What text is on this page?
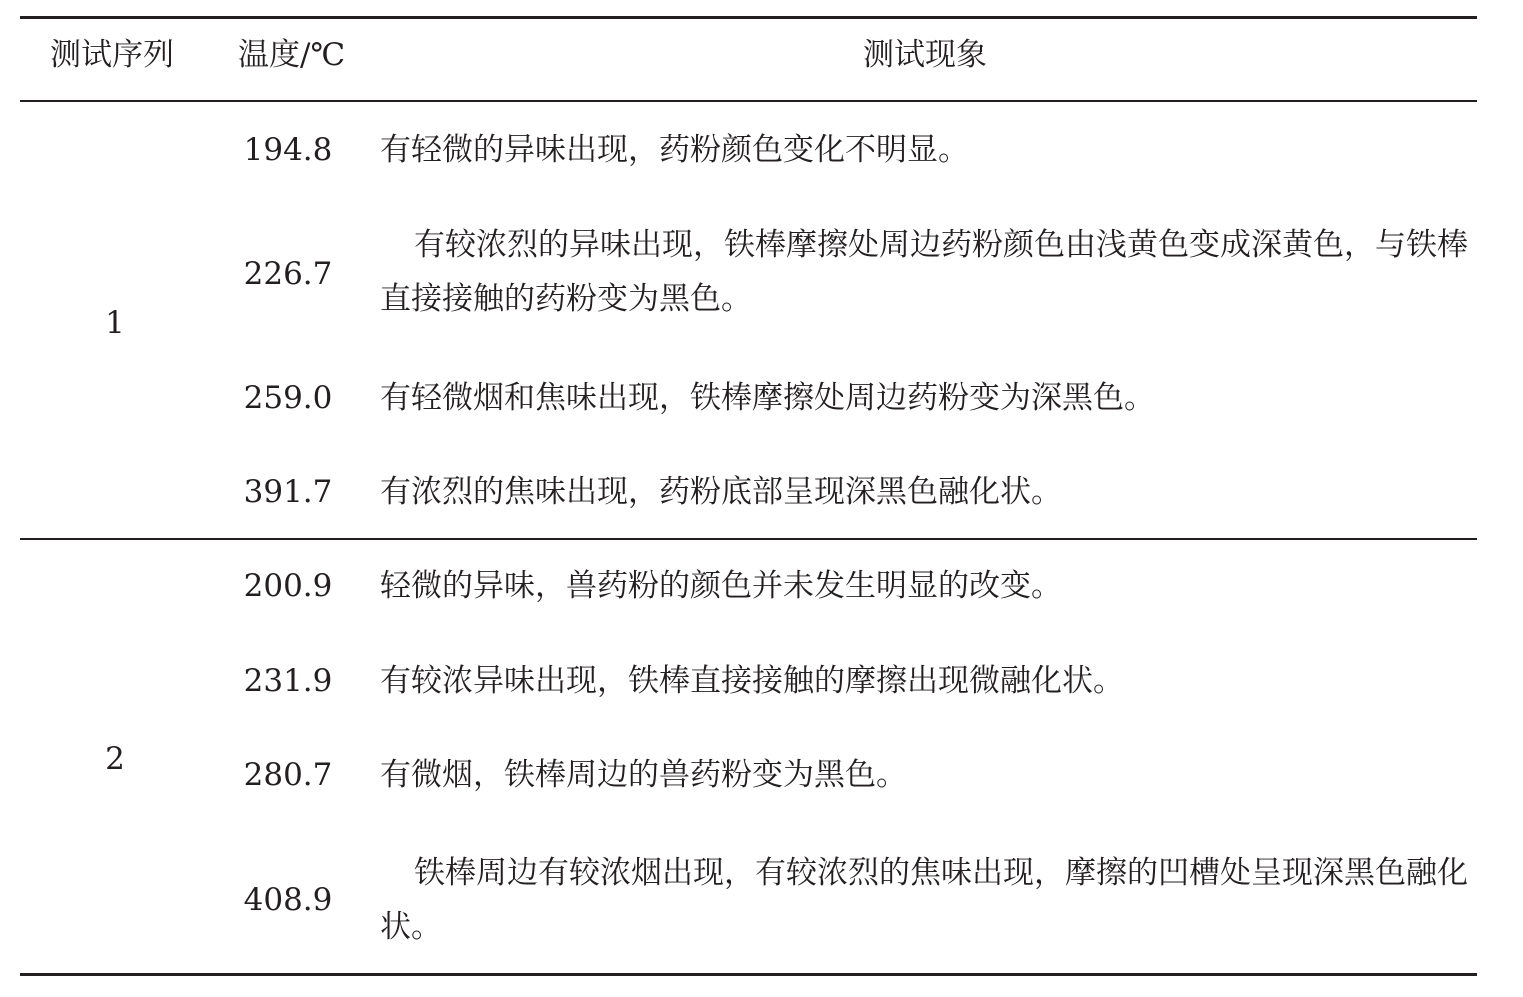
测试序列 温度/℃	测试现象
1
194.8 有轻微的异味出现，药粉颜色变化不明显。
226.7
有较浓烈的异味出现，铁棒摩擦处周边药粉颜色由浅黄色变成深黄色，与铁棒直接接触的药粉变为黑色。
259.0 有轻微烟和焦味出现，铁棒摩擦处周边药粉变为深黑色。
391.7 有浓烈的焦味出现，药粉底部呈现深黑色融化状。
2
200.9 轻微的异味，兽药粉的颜色并未发生明显的改变。
231.9 有较浓异味出现，铁棒直接接触的摩擦出现微融化状。
280.7 有微烟，铁棒周边的兽药粉变为黑色。
408.9
铁棒周边有较浓烟出现，有较浓烈的焦味出现，摩擦的凹槽处呈现深黑色融化状。
